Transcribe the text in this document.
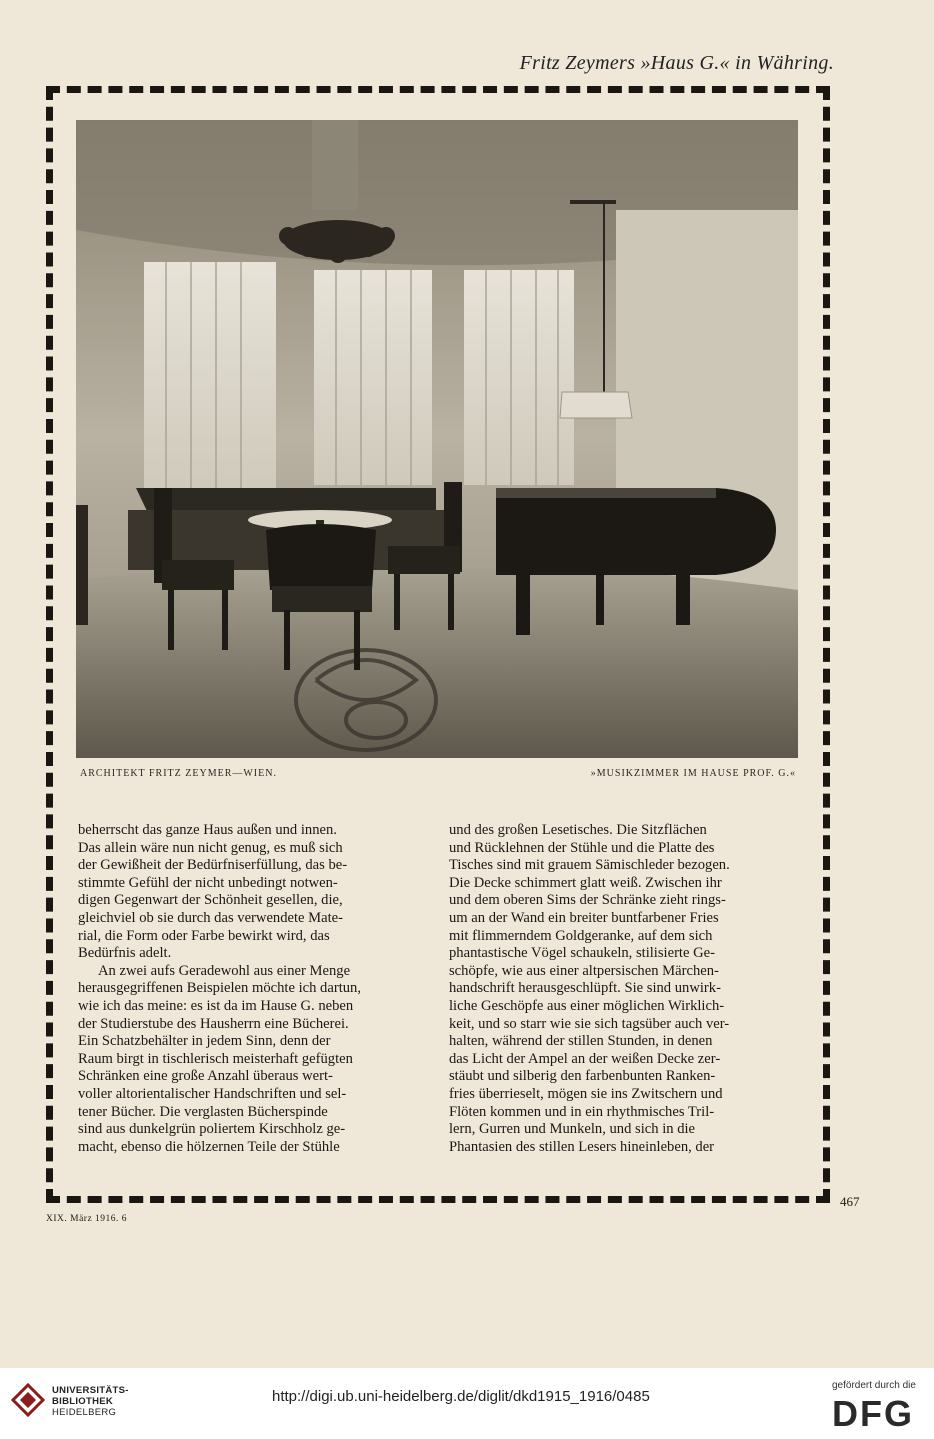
Fritz Zeymers »Haus G.« in Währing.
ARCHITEKT FRITZ ZEYMER—WIEN.	»MUSIKZIMMER IM HAUSE PROF. G.«

beherrscht das ganze Haus außen und innen.
Das allein wäre nun nicht genug, es muß sich
der Gewißheit der Bedürfniserfüllung, das be-
stimmte Gefühl der nicht unbedingt notwen-
digen Gegenwart der Schönheit gesellen, die,
gleichviel ob sie durch das verwendete Mate-
rial, die Form oder Farbe bewirkt wird, das
Bedürfnis adelt.

An zwei aufs Geradewohl aus einer Menge
herausgegriffenen Beispielen möchte ich dartun,
wie ich das meine: es ist da im Hause G. neben
der Studierstube des Hausherrn eine Bücherei.
Ein Schatzbehälter in jedem Sinn, denn der
Raum birgt in tischlerisch meisterhaft gefügten
Schränken eine große Anzahl überaus wert-
voller altorientalischer Handschriften und sel-
tener Bücher. Die verglasten Bücherspinde
sind aus dunkelgrün poliertem Kirschholz ge-
macht, ebenso die hölzernen Teile der Stühle

und des großen Lesetisches. Die Sitzflächen
und Rücklehnen der Stühle und die Platte des
Tisches sind mit grauem Sämischleder bezogen.
Die Decke schimmert glatt weiß. Zwischen ihr
und dem oberen Sims der Schränke zieht rings-
um an der Wand ein breiter buntfarbener Fries
mit flimmerndem Goldgeranke, auf dem sich
phantastische Vögel schaukeln, stilisierte Ge-
schöpfe, wie aus einer altpersischen Märchen-
handschrift herausgeschlüpft. Sie sind unwirk-
liche Geschöpfe aus einer möglichen Wirklich-
keit, und so starr wie sie sich tagsüber auch ver-
halten, während der stillen Stunden, in denen
das Licht der Ampel an der weißen Decke zer-
stäubt und silberig den farbenbunten Ranken-
fries überrieselt, mögen sie ins Zwitschern und
Flöten kommen und in ein rhythmisches Tril-
lern, Gurren und Munkeln, und sich in die
Phantasien des stillen Lesers hineinleben, der

467
XIX. März 1916. 6
UNIVERSITÄTS-
BIBLIOTHEK
HEIDELBERG
http://digi.ub.uni-heidelberg.de/diglit/dkd1915_1916/0485
gefördert durch die
DFG
